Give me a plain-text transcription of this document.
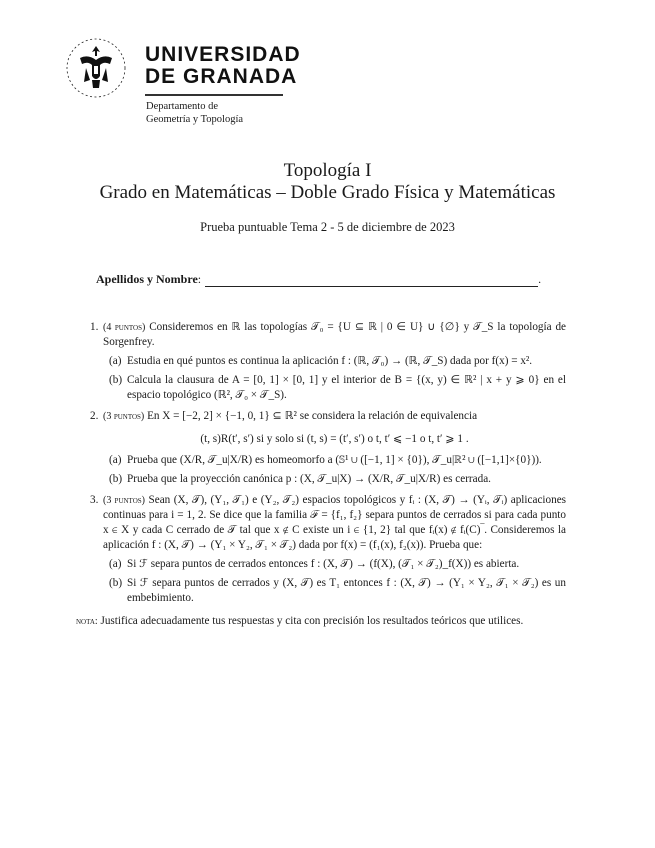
UNIVERSIDAD
DE GRANADA
Departamento de
Geometría y Topología
Topología I
Grado en Matemáticas – Doble Grado Física y Matemáticas
Prueba puntuable Tema 2 - 5 de diciembre de 2023
Apellidos y Nombre :	.
1. (4 puntos) Consideremos en ℝ las topologías 𝒯₀ = {U ⊆ ℝ | 0 ∈ U} ∪ {∅} y 𝒯_S la topología de Sorgenfrey.
(a) Estudia en qué puntos es continua la aplicación f : (ℝ, 𝒯₀) → (ℝ, 𝒯_S) dada por f(x) = x².
(b) Calcula la clausura de A = [0, 1] × [0, 1] y el interior de B = {(x, y) ∈ ℝ² | x + y ⩾ 0} en el espacio topológico (ℝ², 𝒯₀ × 𝒯_S).
2. (3 puntos) En X = [−2, 2] × {−1, 0, 1} ⊆ ℝ² se considera la relación de equivalencia
(t, s)R(t′, s′) si y solo si (t, s) = (t′, s′) o t, t′ ⩽ −1 o t, t′ ⩾ 1 .
(a) Prueba que (X/R, 𝒯_u|X/R) es homeomorfo a (𝕊¹ ∪ ([−1, 1] × {0}), 𝒯_u|ℝ² ∪ ([−1,1]×{0})).
(b) Prueba que la proyección canónica p : (X, 𝒯_u|X) → (X/R, 𝒯_u|X/R) es cerrada.
3. (3 puntos) Sean (X, 𝒯), (Y₁, 𝒯₁) e (Y₂, 𝒯₂) espacios topológicos y fᵢ : (X, 𝒯) → (Yᵢ, 𝒯ᵢ) aplicaciones continuas para i = 1, 2. Se dice que la familia ℱ = {f₁, f₂} separa puntos de cerrados si para cada punto x ∈ X y cada C cerrado de 𝒯 tal que x ∉ C existe un i ∈ {1, 2} tal que fᵢ(x) ∉ fᵢ(C)‾. Consideremos la aplicación f : (X, 𝒯) → (Y₁ × Y₂, 𝒯₁ × 𝒯₂) dada por f(x) = (f₁(x), f₂(x)). Prueba que:
(a) Si ℱ separa puntos de cerrados entonces f : (X, 𝒯) → (f(X), (𝒯₁ × 𝒯₂)_f(X)) es abierta.
(b) Si ℱ separa puntos de cerrados y (X, 𝒯) es T₁ entonces f : (X, 𝒯) → (Y₁ × Y₂, 𝒯₁ × 𝒯₂) es un embebimiento.
nota: Justifica adecuadamente tus respuestas y cita con precisión los resultados teóricos que utilices.
